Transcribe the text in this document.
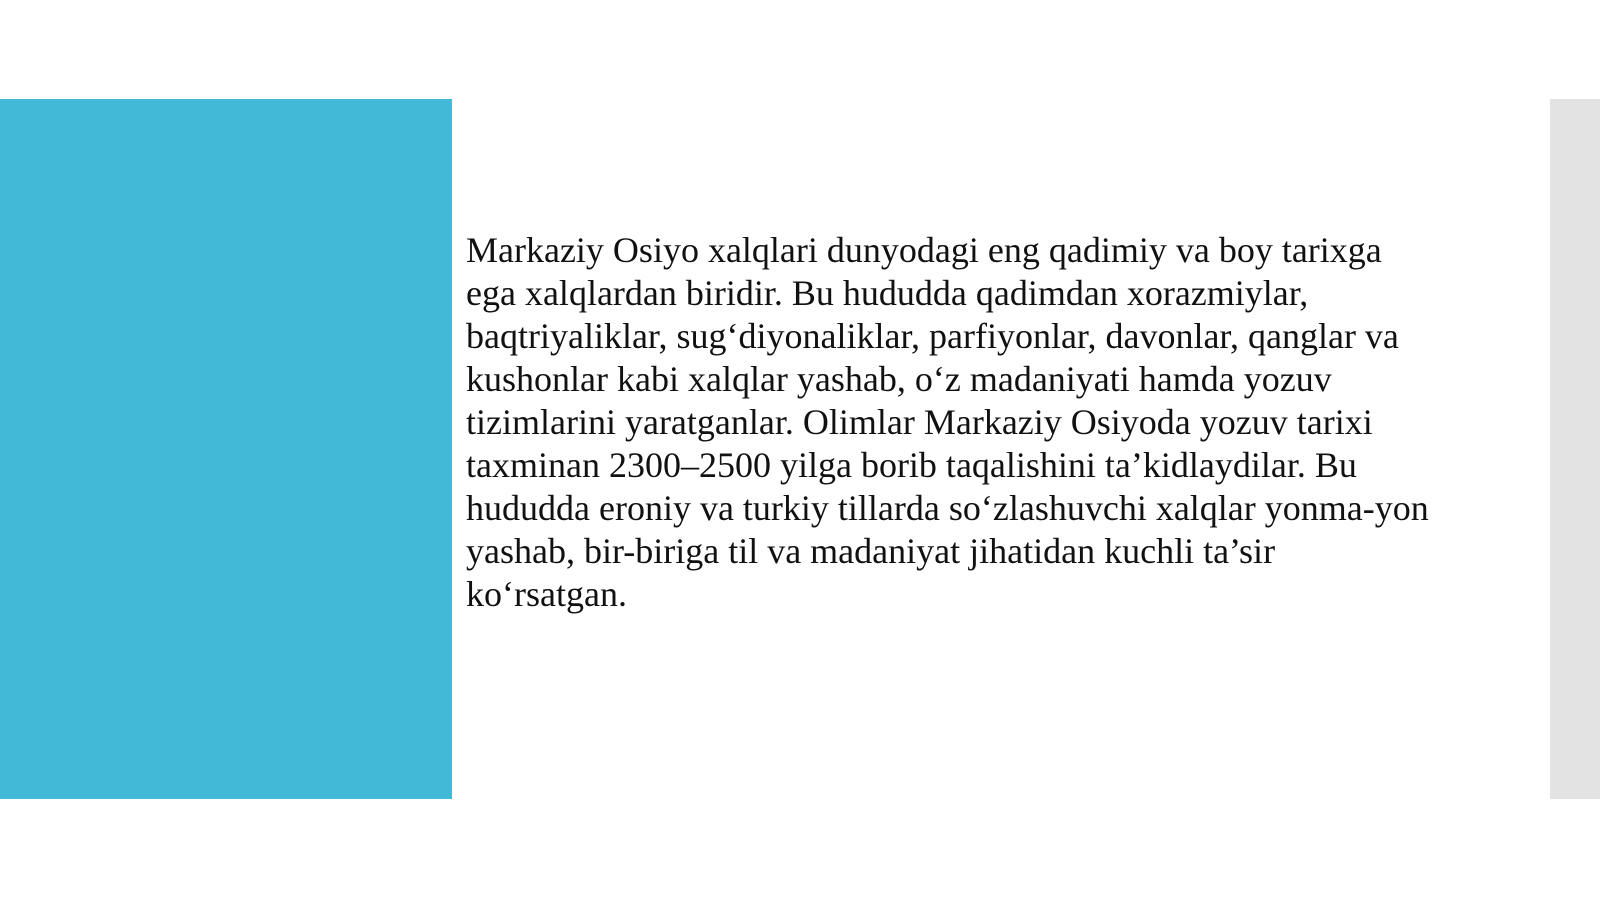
Markaziy Osiyo xalqlari dunyodagi eng qadimiy va boy tarixga
ega xalqlardan biridir. Bu hududda qadimdan xorazmiylar,
baqtriyaliklar, sug‘diyonaliklar, parfiyonlar, davonlar, qanglar va
kushonlar kabi xalqlar yashab, o‘z madaniyati hamda yozuv
tizimlarini yaratganlar. Olimlar Markaziy Osiyoda yozuv tarixi
taxminan 2300–2500 yilga borib taqalishini ta’kidlaydilar. Bu
hududda eroniy va turkiy tillarda so‘zlashuvchi xalqlar yonma-yon
yashab, bir-biriga til va madaniyat jihatidan kuchli ta’sir
ko‘rsatgan.
